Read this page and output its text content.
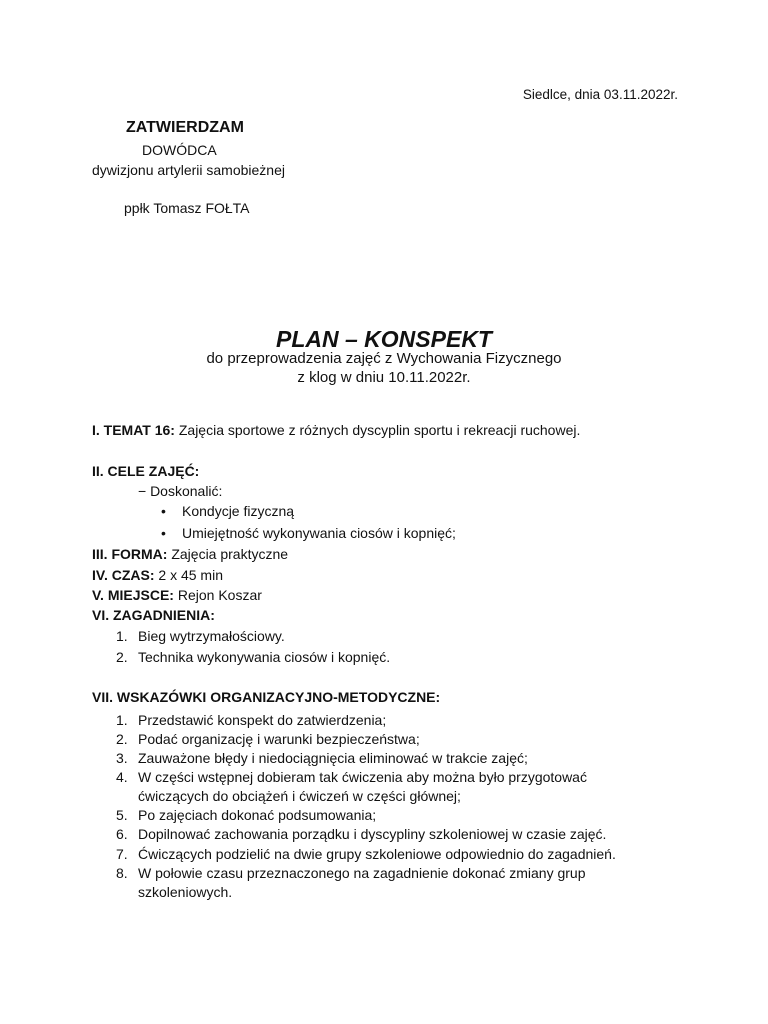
Siedlce, dnia 03.11.2022r.
ZATWIERDZAM
DOWÓDCA
dywizjonu artylerii samobieżnej
ppłk Tomasz FOŁTA
PLAN – KONSPEKT
do przeprowadzenia zajęć z Wychowania Fizycznego
z klog w dniu 10.11.2022r.
I. TEMAT 16: Zajęcia sportowe z różnych dyscyplin sportu i rekreacji ruchowej.
II. CELE ZAJĘĆ:
− Doskonalić:
• Kondycje fizyczną
• Umiejętność wykonywania ciosów i kopnięć;
III. FORMA: Zajęcia praktyczne
IV. CZAS: 2 x 45 min
V. MIEJSCE: Rejon Koszar
VI. ZAGADNIENIA:
1. Bieg wytrzymałościowy.
2. Technika wykonywania ciosów i kopnięć.
VII. WSKAZÓWKI ORGANIZACYJNO-METODYCZNE:
1. Przedstawić konspekt do zatwierdzenia;
2. Podać organizację i warunki bezpieczeństwa;
3. Zauważone błędy i niedociągnięcia eliminować w trakcie zajęć;
4. W części wstępnej dobieram tak ćwiczenia aby można było przygotować
ćwiczących do obciążeń i ćwiczeń w części głównej;
5. Po zajęciach dokonać podsumowania;
6. Dopilnować zachowania porządku i dyscypliny szkoleniowej w czasie zajęć.
7. Ćwiczących podzielić na dwie grupy szkoleniowe odpowiednio do zagadnień.
8. W połowie czasu przeznaczonego na zagadnienie dokonać zmiany grup
szkoleniowych.
